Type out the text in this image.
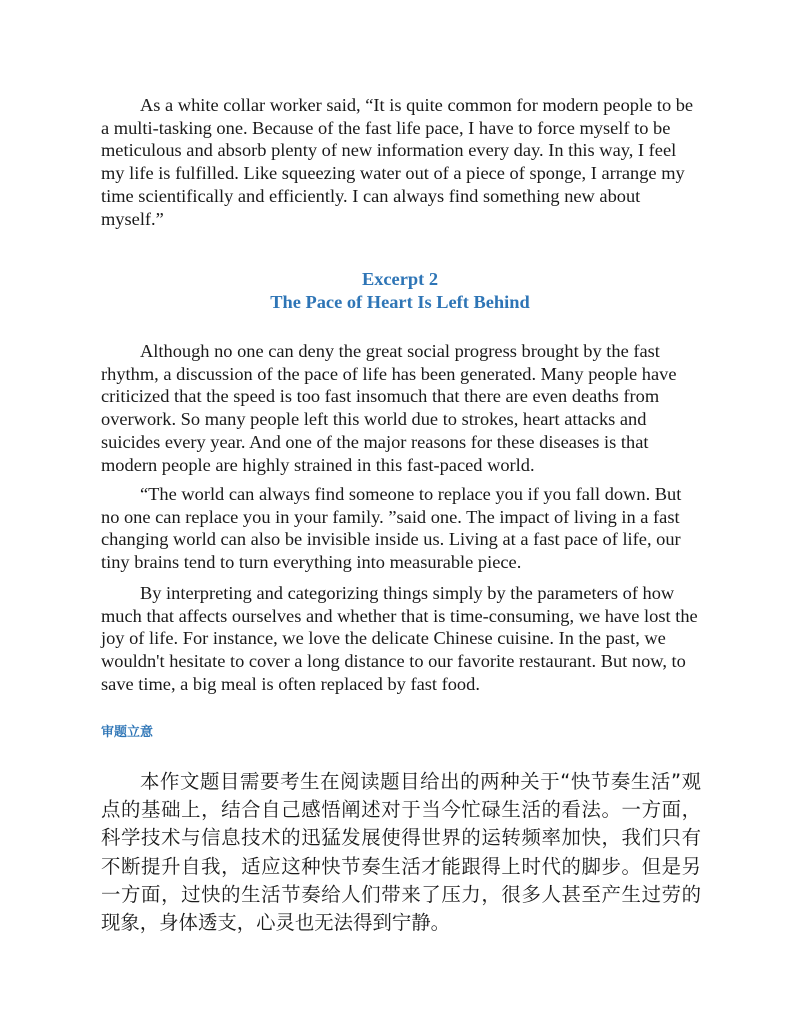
As a white collar worker said, “It is quite common for modern people to be a multi-tasking one. Because of the fast life pace, I have to force myself to be meticulous and absorb plenty of new information every day. In this way, I feel my life is fulfilled. Like squeezing water out of a piece of sponge, I arrange my time scientifically and efficiently. I can always find something new about myself.”

Excerpt 2
The Pace of Heart Is Left Behind

Although no one can deny the great social progress brought by the fast rhythm, a discussion of the pace of life has been generated. Many people have criticized that the speed is too fast insomuch that there are even deaths from overwork. So many people left this world due to strokes, heart attacks and suicides every year. And one of the major reasons for these diseases is that modern people are highly strained in this fast-paced world.

“The world can always find someone to replace you if you fall down. But no one can replace you in your family. ”said one. The impact of living in a fast changing world can also be invisible inside us. Living at a fast pace of life, our tiny brains tend to turn everything into measurable piece.

By interpreting and categorizing things simply by the parameters of how much that affects ourselves and whether that is time-consuming, we have lost the joy of life. For instance, we love the delicate Chinese cuisine. In the past, we wouldn't hesitate to cover a long distance to our favorite restaurant. But now, to save time, a big meal is often replaced by fast food.

审题立意

本作文题目需要考生在阅读题目给出的两种关于“快节奏生活”观点的基础上，结合自己感悟阐述对于当今忙碌生活的看法。一方面，科学技术与信息技术的迅猛发展使得世界的运转频率加快，我们只有不断提升自我，适应这种快节奏生活才能跟得上时代的脚步。但是另一方面，过快的生活节奏给人们带来了压力，很多人甚至产生过劳的现象，身体透支，心灵也无法得到宁静。
